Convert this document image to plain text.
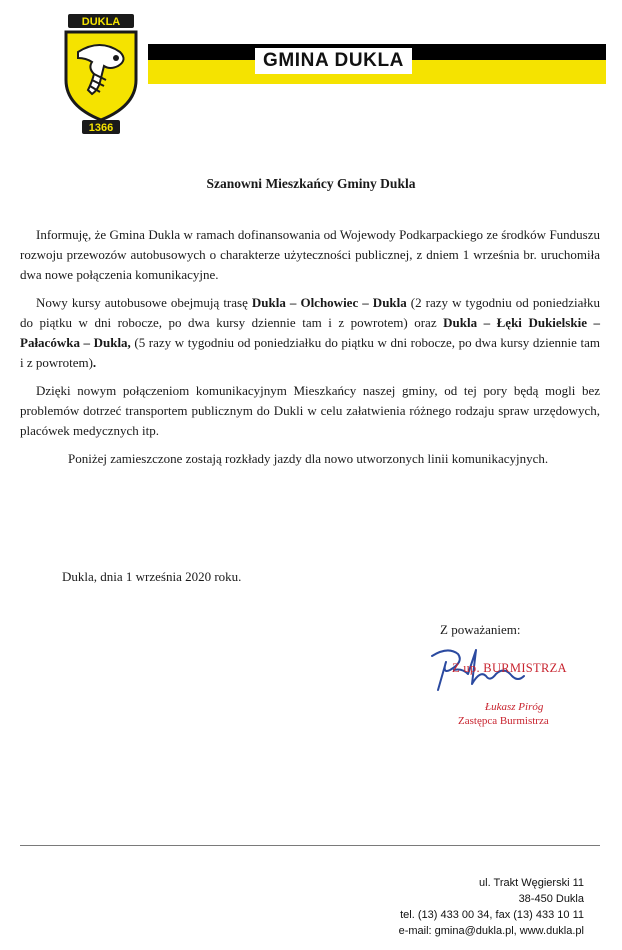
GMINA DUKLA
DUKLA
1366
Szanowni Mieszkańcy Gminy Dukla

Informuję, że Gmina Dukla w ramach dofinansowania od Wojewody Podkarpackiego ze środków Funduszu rozwoju przewozów autobusowych o charakterze użyteczności publicznej, z dniem 1 września br. uruchomiła dwa nowe połączenia komunikacyjne.

Nowy kursy autobusowe obejmują trasę Dukla – Olchowiec – Dukla (2 razy w tygodniu od poniedziałku do piątku w dni robocze, po dwa kursy dziennie tam i z powrotem) oraz Dukla – Łęki Dukielskie – Pałacówka – Dukla, (5 razy w tygodniu od poniedziałku do piątku w dni robocze, po dwa kursy dziennie tam i z powrotem).

Dzięki nowym połączeniom komunikacyjnym Mieszkańcy naszej gminy, od tej pory będą mogli bez problemów dotrzeć transportem publicznym do Dukli w celu załatwienia różnego rodzaju spraw urzędowych, placówek medycznych itp.

Poniżej zamieszczone zostają rozkłady jazdy dla nowo utworzonych linii komunikacyjnych.

Dukla, dnia 1 września 2020 roku.
Z poważaniem:
Z up. BURMISTRZA
Łukasz Piróg
Zastępca Burmistrza
ul. Trakt Węgierski 11
38-450 Dukla
tel. (13) 433 00 34, fax (13) 433 10 11
e-mail: gmina@dukla.pl, www.dukla.pl
